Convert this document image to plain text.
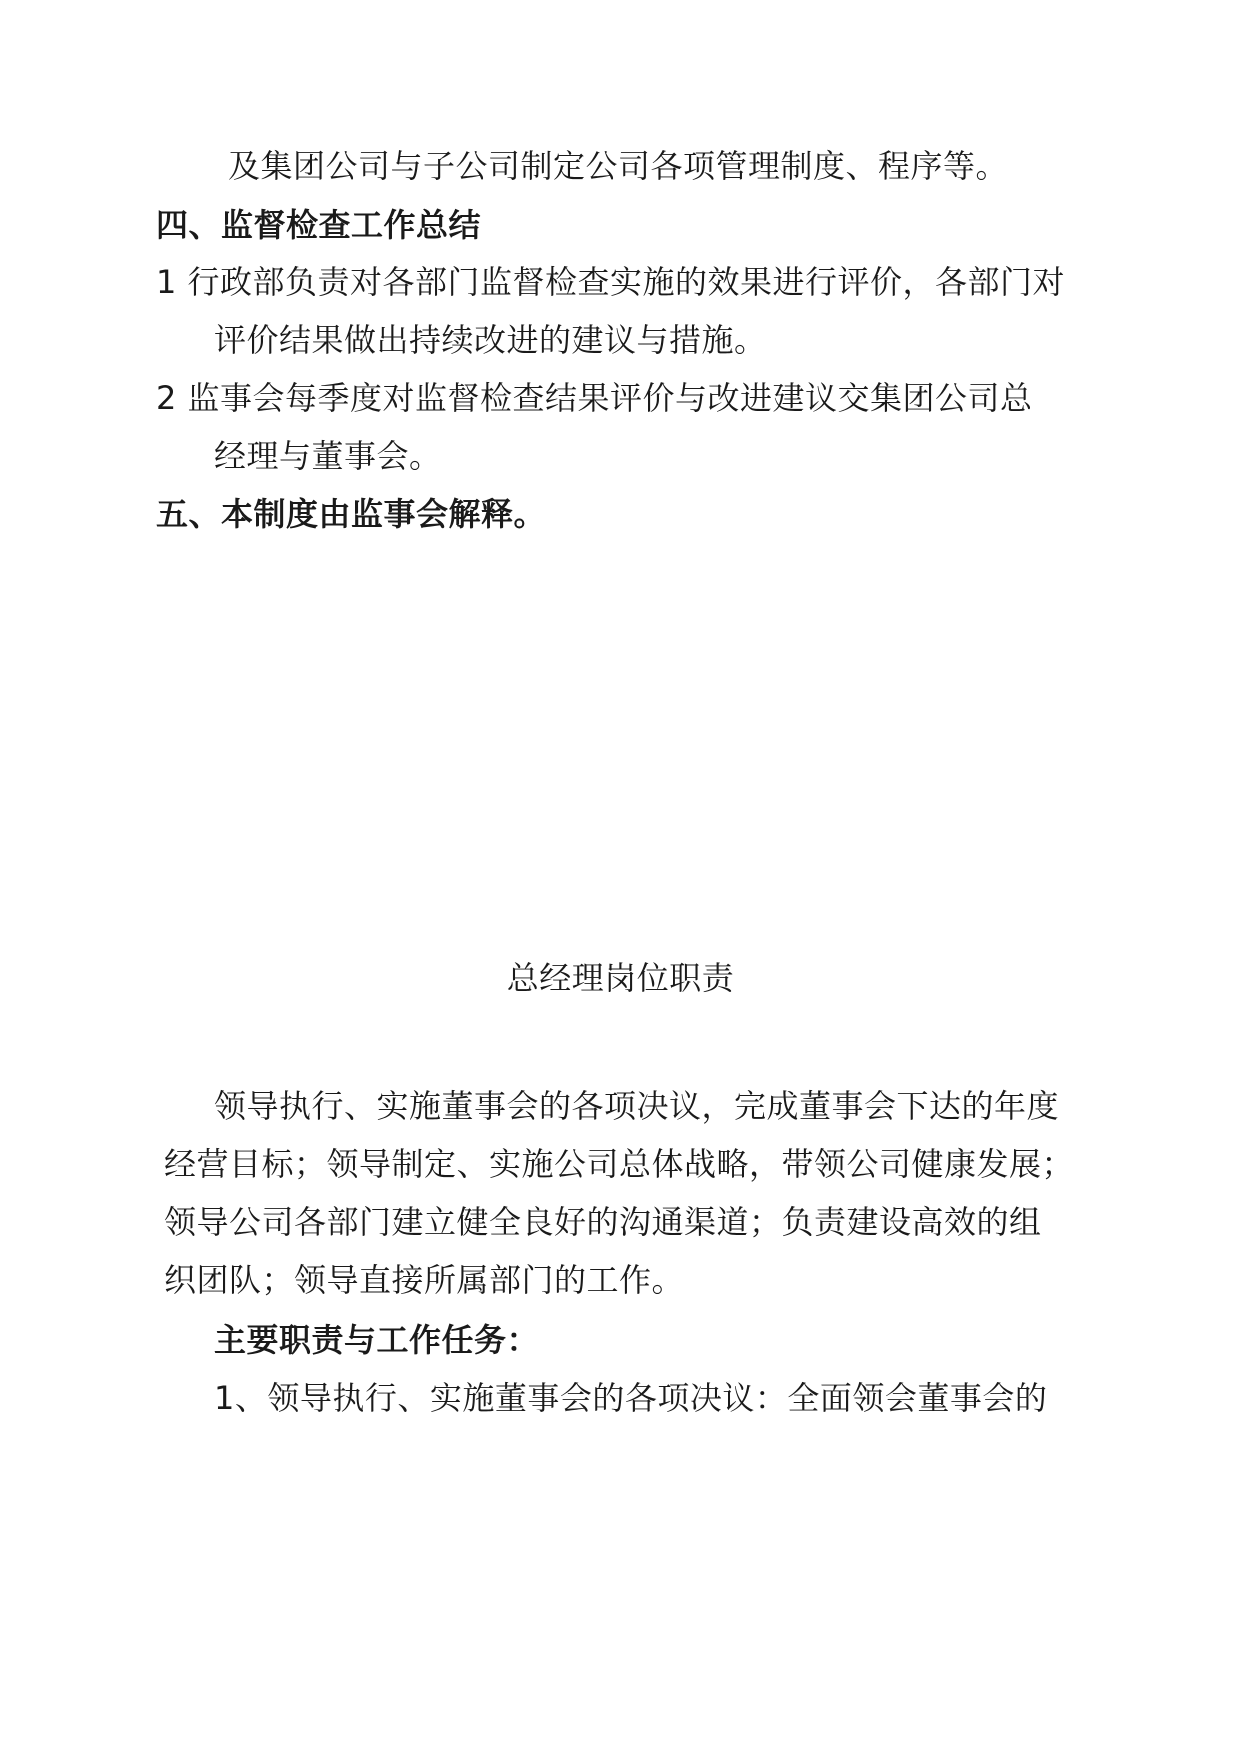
及集团公司与子公司制定公司各项管理制度、程序等。
四、监督检查工作总结
1 行政部负责对各部门监督检查实施的效果进行评价，各部门对
评价结果做出持续改进的建议与措施。
2 监事会每季度对监督检查结果评价与改进建议交集团公司总
经理与董事会。
五、本制度由监事会解释。
总经理岗位职责
领导执行、实施董事会的各项决议，完成董事会下达的年度
经营目标；领导制定、实施公司总体战略，带领公司健康发展；
领导公司各部门建立健全良好的沟通渠道；负责建设高效的组
织团队；领导直接所属部门的工作。
主要职责与工作任务：
1、领导执行、实施董事会的各项决议：全面领会董事会的
